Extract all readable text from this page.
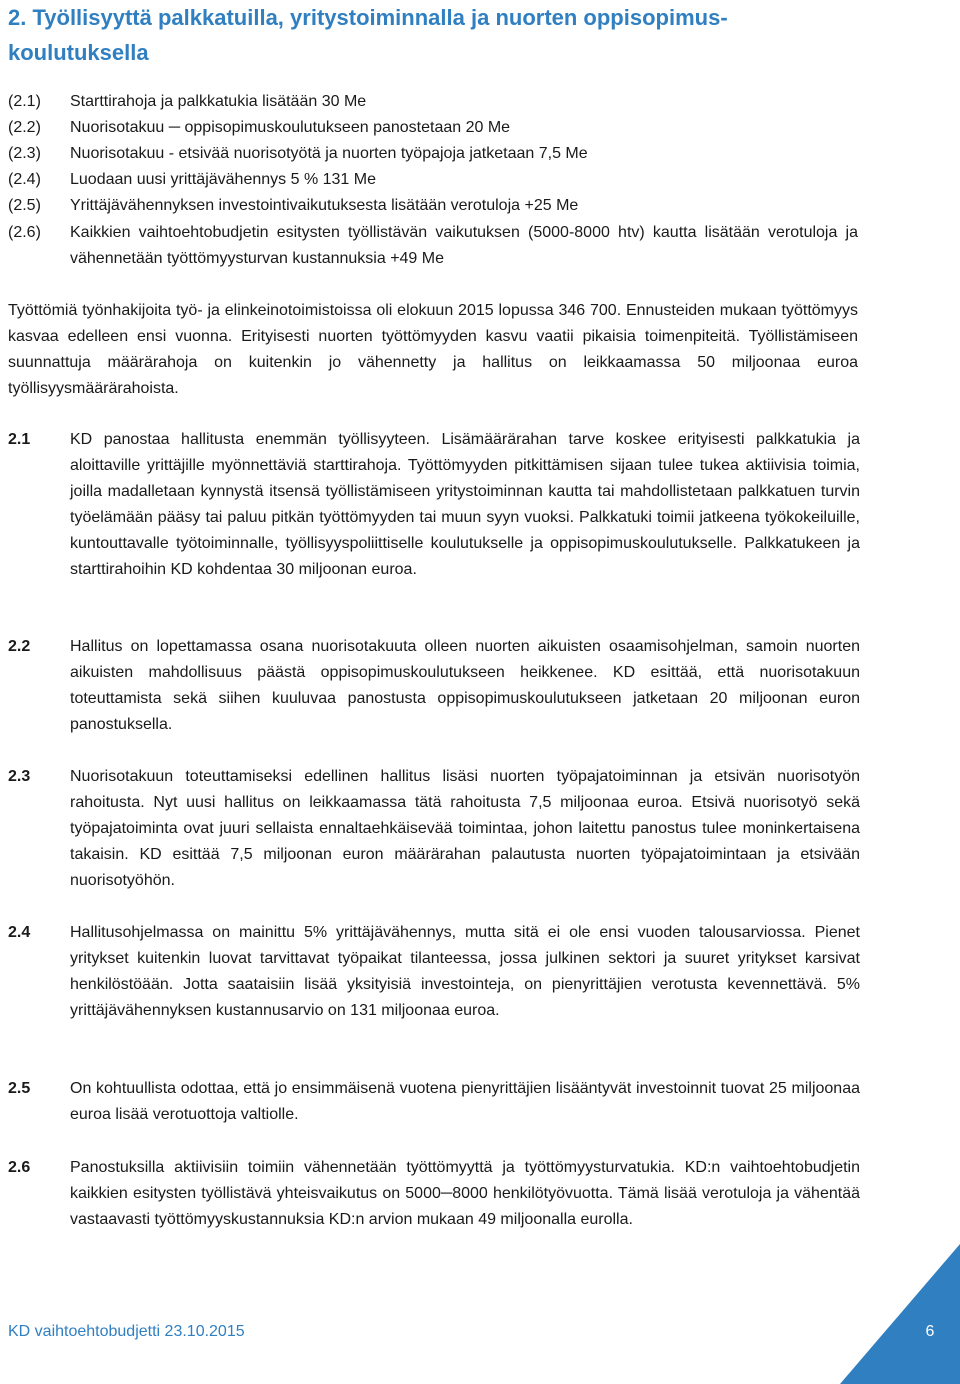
2. Työllisyyttä palkkatuilla, yritystoiminnalla ja nuorten oppisopimus-
koulutuksella
(2.1) Starttirahoja ja palkkatukia lisätään 30 Me
(2.2) Nuorisotakuu ─ oppisopimuskoulutukseen panostetaan 20 Me
(2.3) Nuorisotakuu - etsivää nuorisotyötä ja nuorten työpajoja jatketaan 7,5 Me
(2.4) Luodaan uusi yrittäjävähennys 5 % 131 Me
(2.5) Yrittäjävähennyksen investointivaikutuksesta lisätään verotuloja +25 Me
(2.6) Kaikkien vaihtoehtobudjetin esitysten työllistävän vaikutuksen (5000-8000 htv) kautta lisätään verotuloja ja vähennetään työttömyysturvan kustannuksia +49 Me

Työttömiä työnhakijoita työ- ja elinkeinotoimistoissa oli elokuun 2015 lopussa 346 700. Ennusteiden mukaan työttömyys kasvaa edelleen ensi vuonna. Erityisesti nuorten työttömyyden kasvu vaatii pikaisia toimenpiteitä. Työllistämiseen suunnattuja määrärahoja on kuitenkin jo vähennetty ja hallitus on leikkaamassa 50 miljoonaa euroa työllisyysmäärärahoista.

2.1 KD panostaa hallitusta enemmän työllisyyteen. Lisämäärärahan tarve koskee erityisesti palkkatukia ja aloittaville yrittäjille myönnettäviä starttirahoja. Työttömyyden pitkittämisen sijaan tulee tukea aktiivisia toimia, joilla madalletaan kynnystä itsensä työllistämiseen yritystoiminnan kautta tai mahdollistetaan palkkatuen turvin työelämään pääsy tai paluu pitkän työttömyyden tai muun syyn vuoksi. Palkkatuki toimii jatkeena työkokeiluille, kuntouttavalle työtoiminnalle, työllisyyspoliittiselle koulutukselle ja oppisopimuskoulutukselle. Palkkatukeen ja starttirahoihin KD kohdentaa 30 miljoonan euroa.
2.2 Hallitus on lopettamassa osana nuorisotakuuta olleen nuorten aikuisten osaamisohjelman, samoin nuorten aikuisten mahdollisuus päästä oppisopimuskoulutukseen heikkenee. KD esittää, että nuorisotakuun toteuttamista sekä siihen kuuluvaa panostusta oppisopimuskoulutukseen jatketaan 20 miljoonan euron panostuksella.
2.3 Nuorisotakuun toteuttamiseksi edellinen hallitus lisäsi nuorten työpajatoiminnan ja etsivän nuorisotyön rahoitusta. Nyt uusi hallitus on leikkaamassa tätä rahoitusta 7,5 miljoonaa euroa. Etsivä nuorisotyö sekä työpajatoiminta ovat juuri sellaista ennaltaehkäisevää toimintaa, johon laitettu panostus tulee moninkertaisena takaisin. KD esittää 7,5 miljoonan euron määrärahan palautusta nuorten työpajatoimintaan ja etsivään nuorisotyöhön.
2.4 Hallitusohjelmassa on mainittu 5% yrittäjävähennys, mutta sitä ei ole ensi vuoden talousarviossa. Pienet yritykset kuitenkin luovat tarvittavat työpaikat tilanteessa, jossa julkinen sektori ja suuret yritykset karsivat henkilöstöään. Jotta saataisiin lisää yksityisiä investointeja, on pienyrittäjien verotusta kevennettävä. 5% yrittäjävähennyksen kustannusarvio on 131 miljoonaa euroa.
2.5 On kohtuullista odottaa, että jo ensimmäisenä vuotena pienyrittäjien lisääntyvät investoinnit tuovat 25 miljoonaa euroa lisää verotuottoja valtiolle.
2.6 Panostuksilla aktiivisiin toimiin vähennetään työttömyyttä ja työttömyysturvatukia. KD:n vaihtoehtobudjetin kaikkien esitysten työllistävä yhteisvaikutus on 5000─8000 henkilötyövuotta. Tämä lisää verotuloja ja vähentää vastaavasti työttömyyskustannuksia KD:n arvion mukaan 49 miljoonalla eurolla.
KD vaihtoehtobudjetti 23.10.2015	6
